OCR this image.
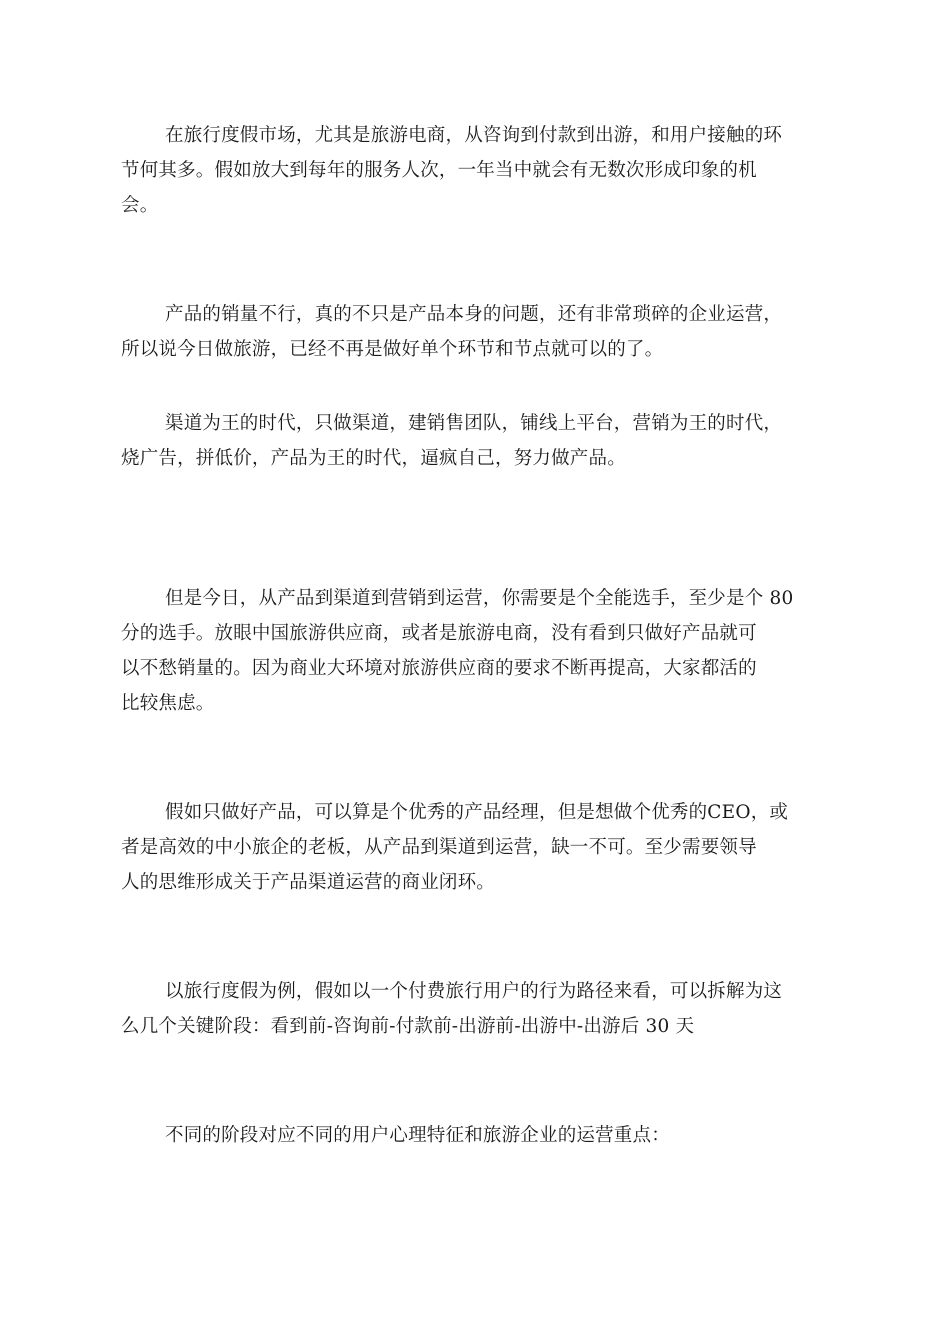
在旅行度假市场，尤其是旅游电商，从咨询到付款到出游，和用户接触的环
节何其多。假如放大到每年的服务人次，一年当中就会有无数次形成印象的机
会。

产品的销量不行，真的不只是产品本身的问题，还有非常琐碎的企业运营，
所以说今日做旅游，已经不再是做好单个环节和节点就可以的了。

渠道为王的时代，只做渠道，建销售团队，铺线上平台，营销为王的时代，
烧广告，拼低价，产品为王的时代，逼疯自己，努力做产品。

但是今日，从产品到渠道到营销到运营，你需要是个全能选手，至少是个 80
分的选手。放眼中国旅游供应商，或者是旅游电商，没有看到只做好产品就可
以不愁销量的。因为商业大环境对旅游供应商的要求不断再提高，大家都活的
比较焦虑。

假如只做好产品，可以算是个优秀的产品经理，但是想做个优秀的CEO，或
者是高效的中小旅企的老板，从产品到渠道到运营，缺一不可。至少需要领导
人的思维形成关于产品渠道运营的商业闭环。

以旅行度假为例，假如以一个付费旅行用户的行为路径来看，可以拆解为这
么几个关键阶段：看到前-咨询前-付款前-出游前-出游中-出游后 30 天

不同的阶段对应不同的用户心理特征和旅游企业的运营重点：
